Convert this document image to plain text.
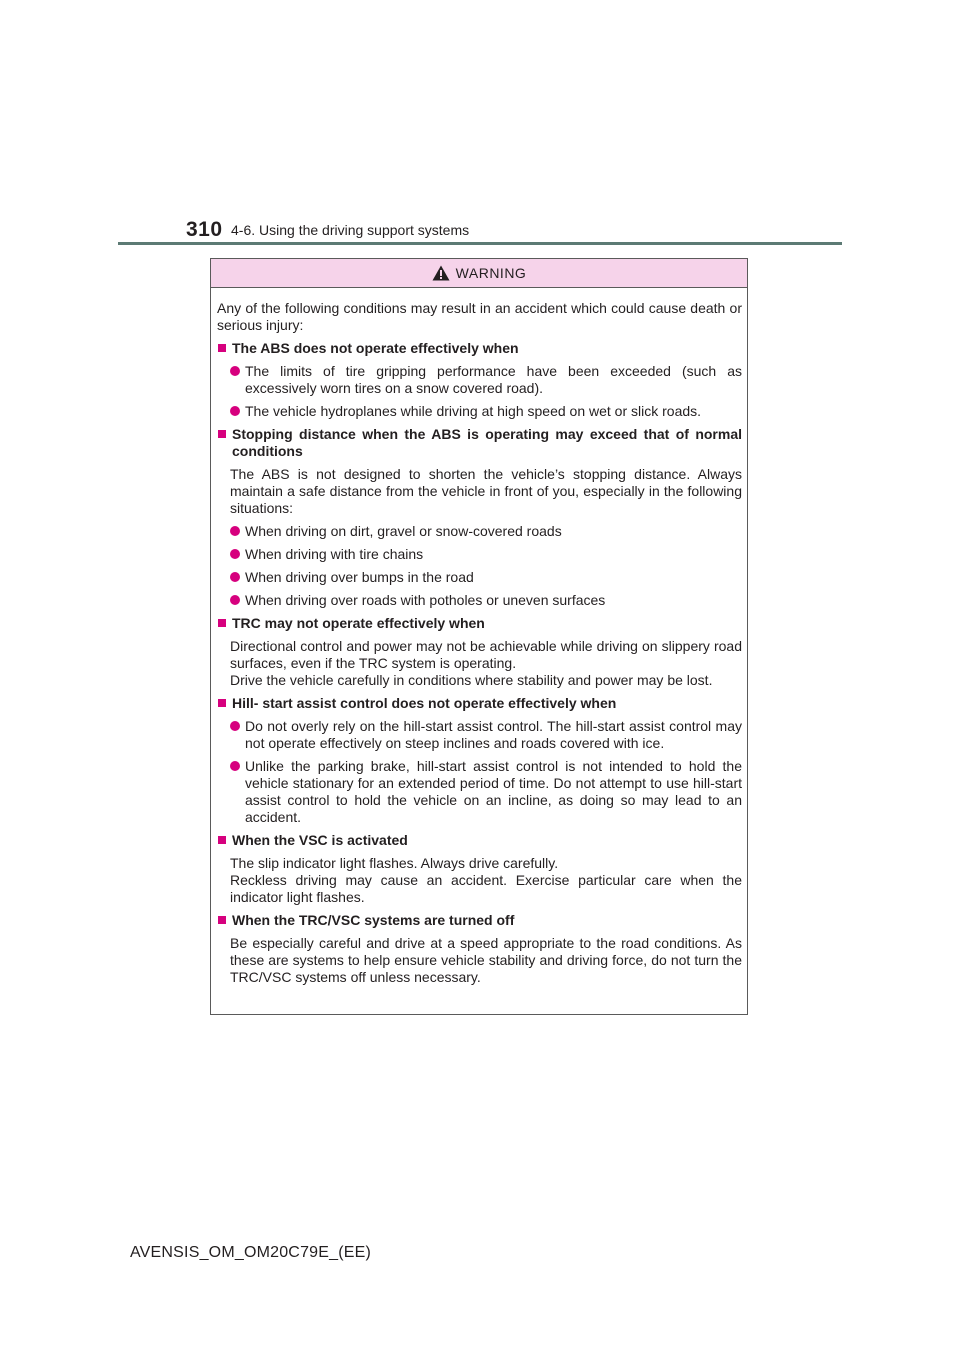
310 4-6. Using the driving support systems
WARNING
Any of the following conditions may result in an accident which could cause death or serious injury:
The ABS does not operate effectively when
The limits of tire gripping performance have been exceeded (such as excessively worn tires on a snow covered road).
The vehicle hydroplanes while driving at high speed on wet or slick roads.
Stopping distance when the ABS is operating may exceed that of normal conditions
The ABS is not designed to shorten the vehicle’s stopping distance. Always maintain a safe distance from the vehicle in front of you, especially in the following situations:
When driving on dirt, gravel or snow-covered roads
When driving with tire chains
When driving over bumps in the road
When driving over roads with potholes or uneven surfaces
TRC may not operate effectively when
Directional control and power may not be achievable while driving on slippery road surfaces, even if the TRC system is operating.
Drive the vehicle carefully in conditions where stability and power may be lost.
Hill- start assist control does not operate effectively when
Do not overly rely on the hill-start assist control. The hill-start assist control may not operate effectively on steep inclines and roads covered with ice.
Unlike the parking brake, hill-start assist control is not intended to hold the vehicle stationary for an extended period of time. Do not attempt to use hill-start assist control to hold the vehicle on an incline, as doing so may lead to an accident.
When the VSC is activated
The slip indicator light flashes. Always drive carefully.
Reckless driving may cause an accident. Exercise particular care when the indicator light flashes.
When the TRC/VSC systems are turned off
Be especially careful and drive at a speed appropriate to the road conditions. As these are systems to help ensure vehicle stability and driving force, do not turn the TRC/VSC systems off unless necessary.
AVENSIS_OM_OM20C79E_(EE)
